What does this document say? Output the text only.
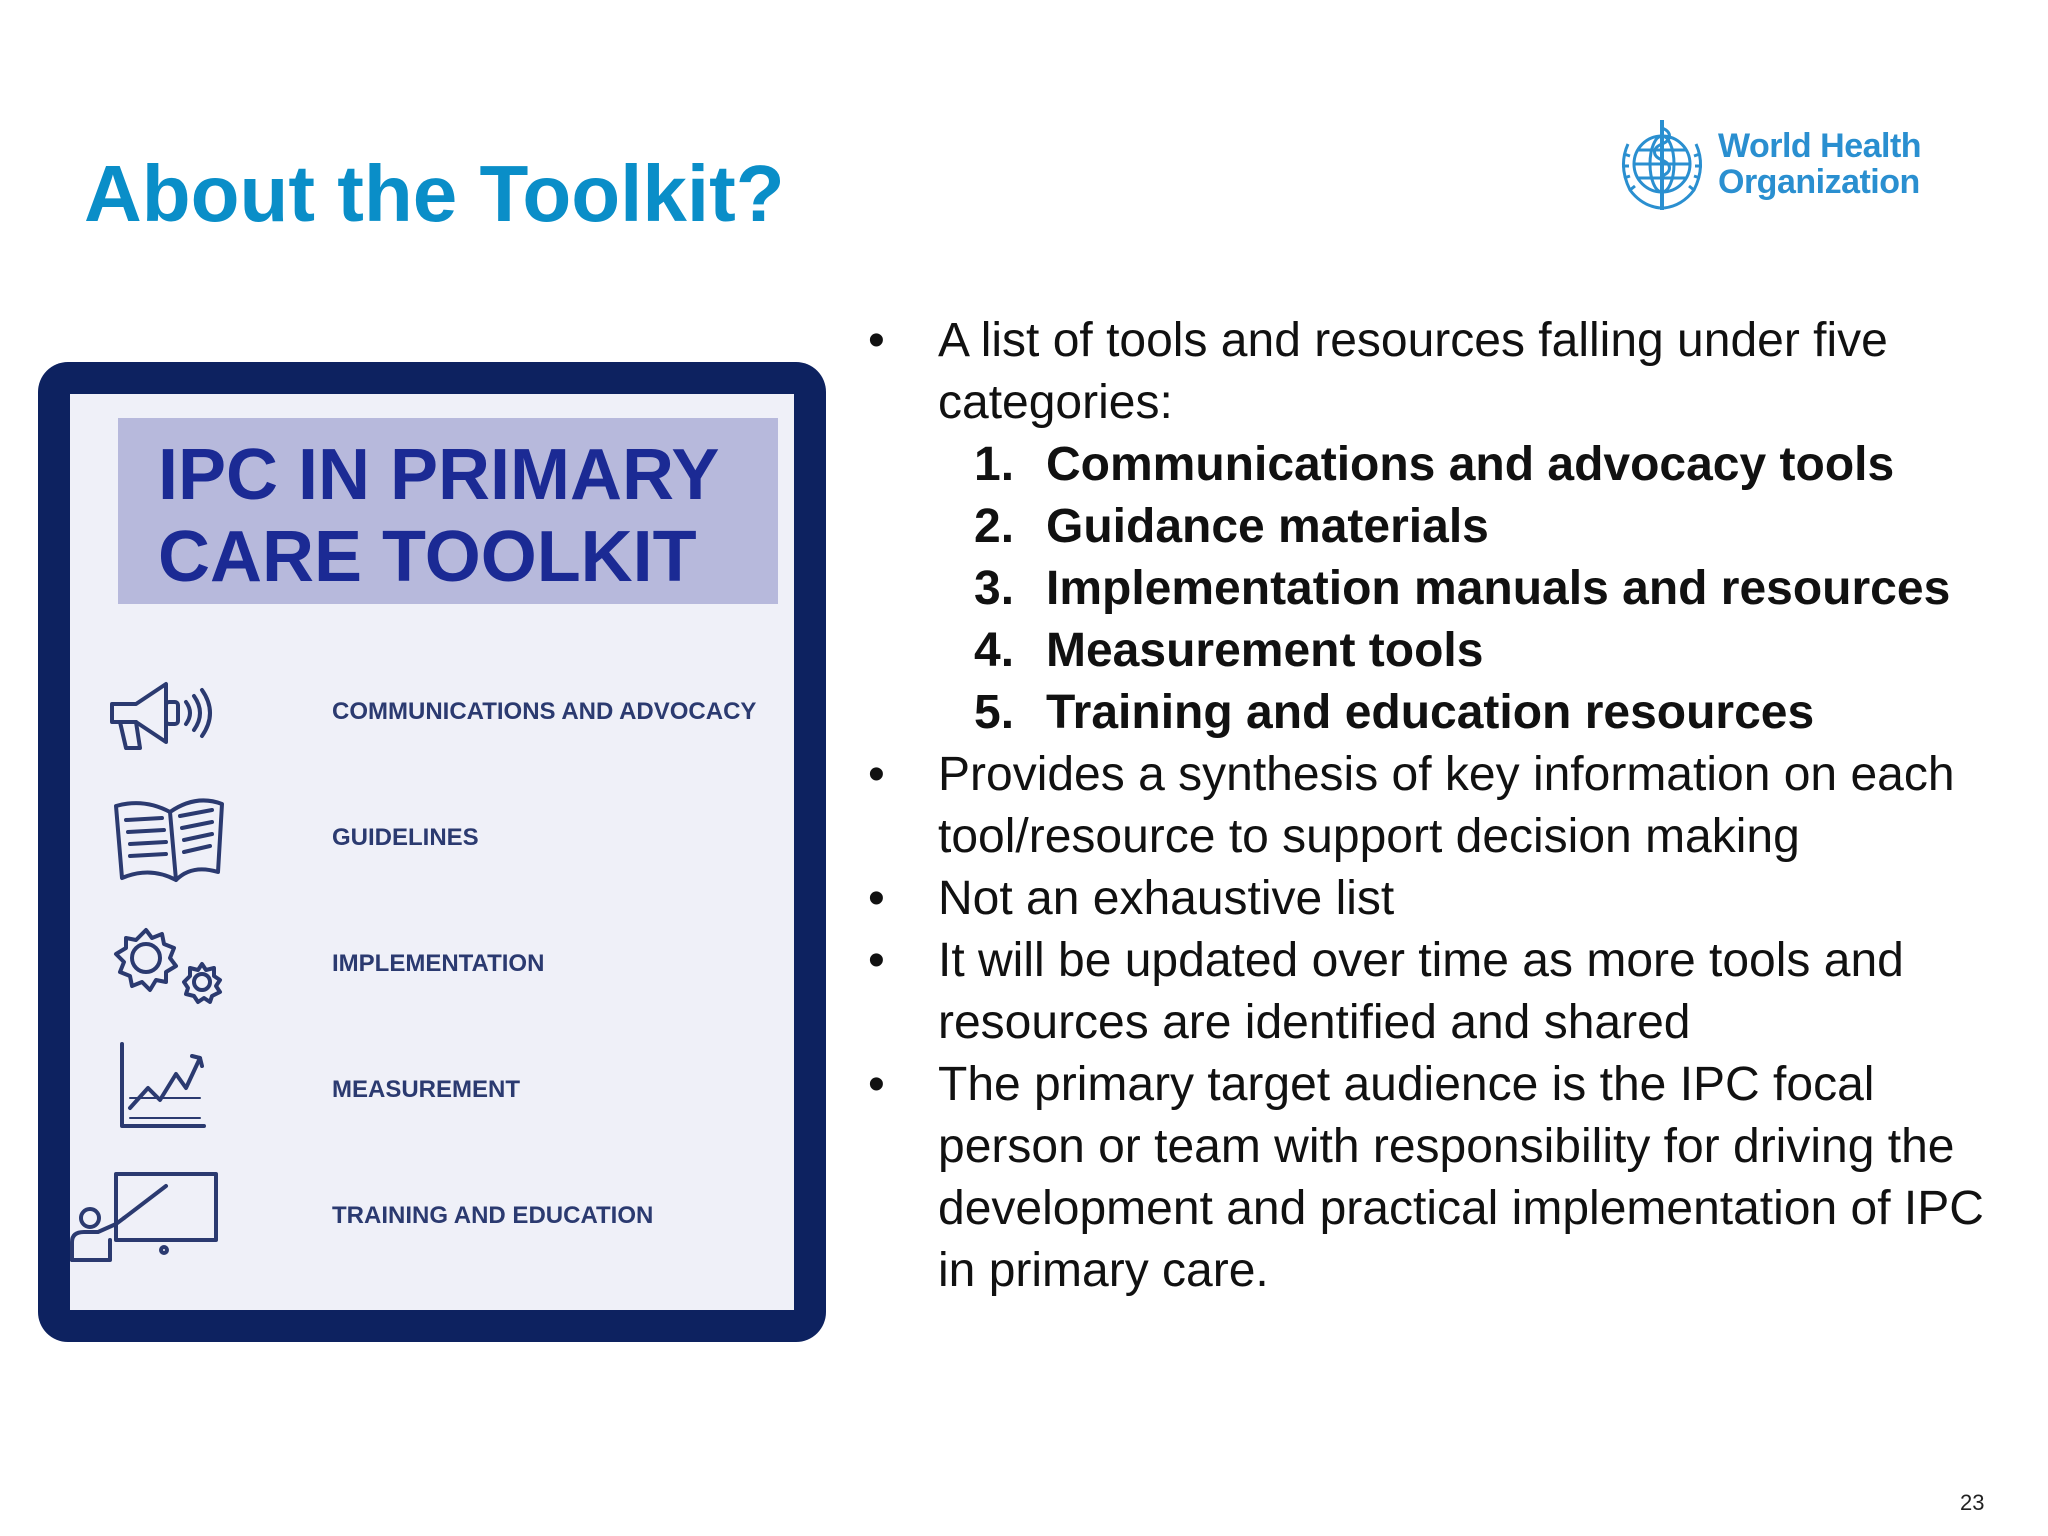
About the Toolkit?
World Health
Organization
IPC IN PRIMARY
CARE TOOLKIT
COMMUNICATIONS AND ADVOCACY
GUIDELINES
IMPLEMENTATION
MEASUREMENT
TRAINING AND EDUCATION

• A list of tools and resources falling under five categories:

1. Communications and advocacy tools
2. Guidance materials
3. Implementation manuals and resources
4. Measurement tools
5. Training and education resources

• Provides a synthesis of key information on each tool/resource to support decision making

• Not an exhaustive list

• It will be updated over time as more tools and resources are identified and shared

• The primary target audience is the IPC focal person or team with responsibility for driving the development and practical implementation of IPC in primary care.

23
